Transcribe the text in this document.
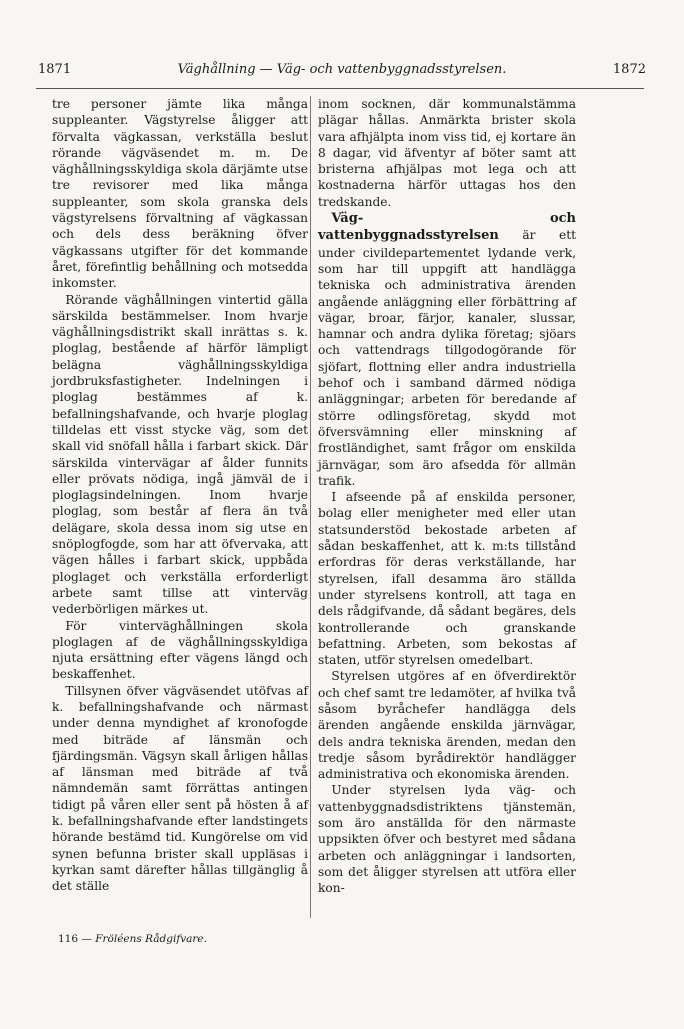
1871	Väghållning — Väg- och vattenbyggnadsstyrelsen.	1872

tre personer jämte lika många suppleanter. Vägstyrelse åligger att förvalta vägkassan, verkställa beslut rörande vägväsendet m. m. De väghållningsskyldiga skola därjämte utse tre revisorer med lika många suppleanter, som skola granska dels vägstyrelsens förvaltning af vägkassan och dels dess beräkning öfver vägkassans utgifter för det kommande året, förefintlig behållning och motsedda inkomster.

Rörande väghållningen vintertid gälla särskilda bestämmelser. Inom hvarje väghållningsdistrikt skall inrättas s. k. ploglag, bestående af härför lämpligt belägna väghållningsskyldiga jordbruksfastigheter. Indelningen i ploglag bestämmes af k. befallningshafvande, och hvarje ploglag tilldelas ett visst stycke väg, som det skall vid snöfall hålla i farbart skick. Där särskilda vintervägar af ålder funnits eller prövats nödiga, ingå jämväl de i ploglagsindelningen. Inom hvarje ploglag, som består af flera än två delägare, skola dessa inom sig utse en snöplogfogde, som har att öfvervaka, att vägen hålles i farbart skick, uppbåda ploglaget och verkställa erforderligt arbete samt tillse att vinterväg vederbörligen märkes ut.

För vinterväghållningen skola ploglagen af de väghållningsskyldiga njuta ersättning efter vägens längd och beskaffenhet.

Tillsynen öfver vägväsendet utöfvas af k. befallningshafvande och närmast under denna myndighet af kronofogde med biträde af länsmän och fjärdingsmän. Vägsyn skall årligen hållas af länsman med biträde af två nämndemän samt förrättas antingen tidigt på våren eller sent på hösten å af k. befallningshafvande efter landstingets hörande bestämd tid. Kungörelse om vid synen befunna brister skall uppläsas i kyrkan samt därefter hållas tillgänglig å det ställe

inom socknen, där kommunalstämma plägar hållas. Anmärkta brister skola vara afhjälpta inom viss tid, ej kortare än 8 dagar, vid äfventyr af böter samt att bristerna afhjälpas mot lega och att kostnaderna härför uttagas hos den tredskande.

Väg- och vattenbyggnadsstyrelsen är ett under civildepartementet lydande verk, som har till uppgift att handlägga tekniska och administrativa ärenden angående anläggning eller förbättring af vägar, broar, färjor, kanaler, slussar, hamnar och andra dylika företag; sjöars och vattendrags tillgodogörande för sjöfart, flottning eller andra industriella behof och i samband därmed nödiga anläggningar; arbeten för beredande af större odlingsföretag, skydd mot öfversvämning eller minskning af frostländighet, samt frågor om enskilda järnvägar, som äro afsedda för allmän trafik.

I afseende på af enskilda personer, bolag eller menigheter med eller utan statsunderstöd bekostade arbeten af sådan beskaffenhet, att k. m:ts tillstånd erfordras för deras verkställande, har styrelsen, ifall desamma äro ställda under styrelsens kontroll, att taga en dels rådgifvande, då sådant begäres, dels kontrollerande och granskande befattning. Arbeten, som bekostas af staten, utför styrelsen omedelbart.

Styrelsen utgöres af en öfverdirektör och chef samt tre ledamöter, af hvilka två såsom byråchefer handlägga dels ärenden angående enskilda järnvägar, dels andra tekniska ärenden, medan den tredje såsom byrådirektör handlägger administrativa och ekonomiska ärenden.

Under styrelsen lyda väg- och vattenbyggnadsdistriktens tjänstemän, som äro anställda för den närmaste uppsikten öfver och bestyret med sådana arbeten och anläggningar i landsorten, som det åligger styrelsen att utföra eller kon-

116 — Fröléens Rådgifvare.
